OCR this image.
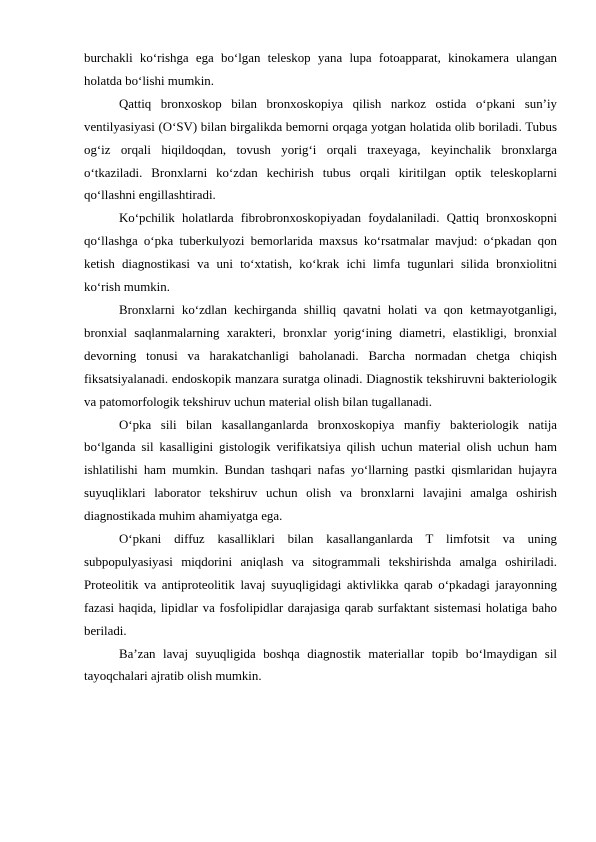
burchakli ko‘rishga ega bo‘lgan teleskop yana lupa fotoapparat, kinokamera ulangan holatda bo‘lishi mumkin.

Qattiq bronxoskop bilan bronxoskopiya qilish narkoz ostida o‘pkani sun’iy ventilyasiyasi (O‘SV) bilan birgalikda bemorni orqaga yotgan holatida olib boriladi. Tubus og‘iz orqali hiqildoqdan, tovush yorig‘i orqali traxeyaga, keyinchalik bronxlarga o‘tkaziladi. Bronxlarni ko‘zdan kechirish tubus orqali kiritilgan optik teleskoplarni qo‘llashni engillashtiradi.

Ko‘pchilik holatlarda fibrobronxoskopiyadan foydalaniladi. Qattiq bronxoskopni qo‘llashga o‘pka tuberkulyozi bemorlarida maxsus ko‘rsatmalar mavjud: o‘pkadan qon ketish diagnostikasi va uni to‘xtatish, ko‘krak ichi limfa tugunlari silida bronxiolitni ko‘rish mumkin.

Bronxlarni ko‘zdlan kechirganda shilliq qavatni holati va qon ketmayotganligi, bronxial saqlanmalarning xarakteri, bronxlar yorig‘ining diametri, elastikligi, bronxial devorning tonusi va harakatchanligi baholanadi. Barcha normadan chetga chiqish fiksatsiyalanadi. endoskopik manzara suratga olinadi. Diagnostik tekshiruvni bakteriologik va patomorfologik tekshiruv uchun material olish bilan tugallanadi.

O‘pka sili bilan kasallanganlarda bronxoskopiya manfiy bakteriologik natija bo‘lganda sil kasalligini gistologik verifikatsiya qilish uchun material olish uchun ham ishlatilishi ham mumkin. Bundan tashqari nafas yo‘llarning pastki qismlaridan hujayra suyuqliklari laborator tekshiruv uchun olish va bronxlarni lavajini amalga oshirish diagnostikada muhim ahamiyatga ega.

O‘pkani diffuz kasalliklari bilan kasallanganlarda T limfotsit va uning subpopulyasiyasi miqdorini aniqlash va sitogrammali tekshirishda amalga oshiriladi. Proteolitik va antiproteolitik lavaj suyuqligidagi aktivlikka qarab o‘pkadagi jarayonning fazasi haqida, lipidlar va fosfolipidlar darajasiga qarab surfaktant sistemasi holatiga baho beriladi.

Ba’zan lavaj suyuqligida boshqa diagnostik materiallar topib bo‘lmaydigan sil tayoqchalari ajratib olish mumkin.
